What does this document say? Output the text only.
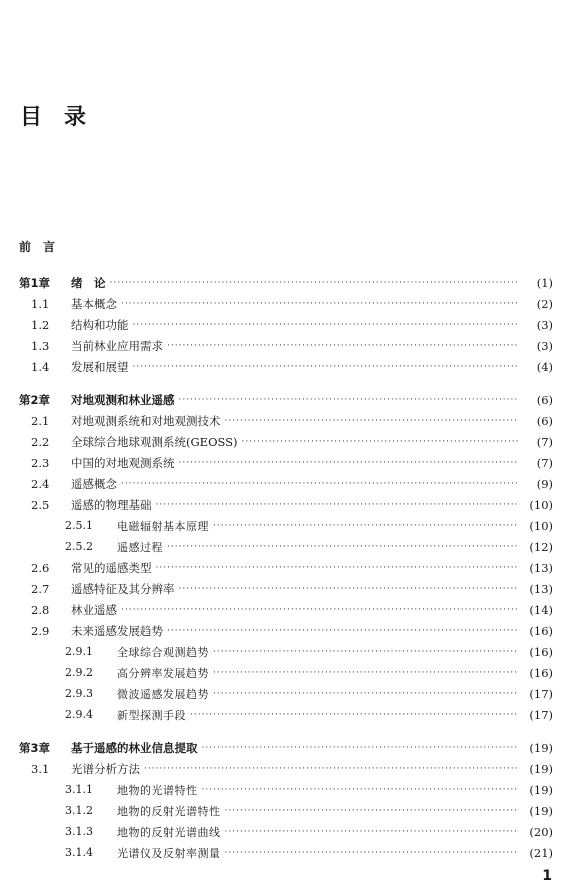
目 录
前　言
第1章	绪　论 ·····	(1)
1.1	基本概念 ·····	(2)
1.2	结构和功能 ·····	(3)
1.3	当前林业应用需求 ·····	(3)
1.4	发展和展望 ·····	(4)
第2章	对地观测和林业遥感 ·····	(6)
2.1	对地观测系统和对地观测技术 ·····	(6)
2.2	全球综合地球观测系统(GEOSS) ·····	(7)
2.3	中国的对地观测系统 ·····	(7)
2.4	遥感概念 ·····	(9)
2.5	遥感的物理基础 ·····	(10)
2.5.1	电磁辐射基本原理 ·····	(10)
2.5.2	遥感过程 ·····	(12)
2.6	常见的遥感类型 ·····	(13)
2.7	遥感特征及其分辨率 ·····	(13)
2.8	林业遥感 ·····	(14)
2.9	未来遥感发展趋势 ·····	(16)
2.9.1	全球综合观测趋势 ·····	(16)
2.9.2	高分辨率发展趋势 ·····	(16)
2.9.3	微波遥感发展趋势 ·····	(17)
2.9.4	新型探测手段 ·····	(17)
第3章	基于遥感的林业信息提取 ·····	(19)
3.1	光谱分析方法 ·····	(19)
3.1.1	地物的光谱特性 ·····	(19)
3.1.2	地物的反射光谱特性 ·····	(19)
3.1.3	地物的反射光谱曲线 ·····	(20)
3.1.4	光谱仪及反射率测量 ·····	(21)
1
